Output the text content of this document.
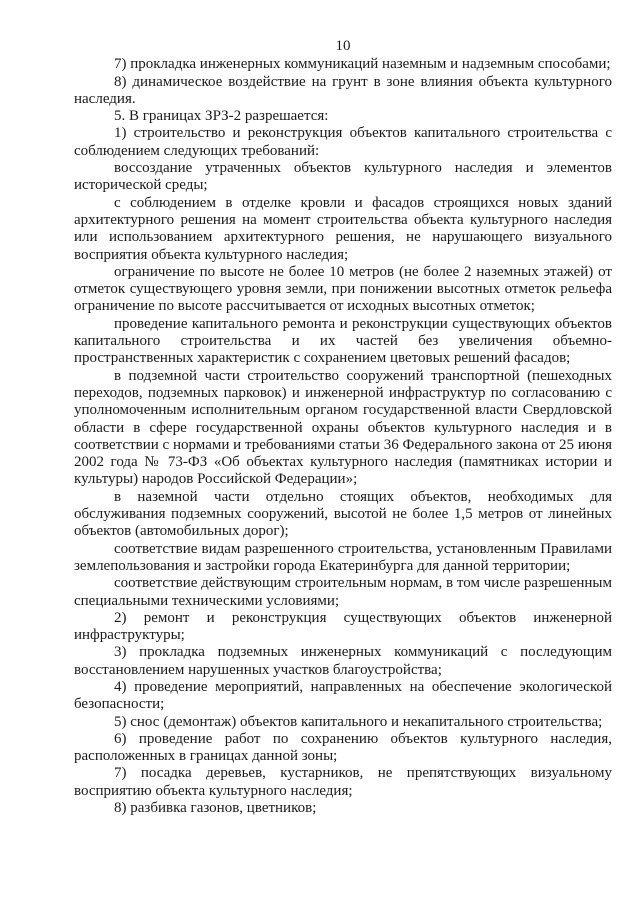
10

7) прокладка инженерных коммуникаций наземным и надземным способами;

8) динамическое воздействие на грунт в зоне влияния объекта культурного наследия.

5. В границах ЗРЗ-2 разрешается:

1) строительство и реконструкция объектов капитального строительства с соблюдением следующих требований:

воссоздание утраченных объектов культурного наследия и элементов исторической среды;

с соблюдением в отделке кровли и фасадов строящихся новых зданий архитектурного решения на момент строительства объекта культурного наследия или использованием архитектурного решения, не нарушающего визуального восприятия объекта культурного наследия;

ограничение по высоте не более 10 метров (не более 2 наземных этажей) от отметок существующего уровня земли, при понижении высотных отметок рельефа ограничение по высоте рассчитывается от исходных высотных отметок;

проведение капитального ремонта и реконструкции существующих объектов капитального строительства и их частей без увеличения объемно-пространственных характеристик с сохранением цветовых решений фасадов;

в подземной части строительство сооружений транспортной (пешеходных переходов, подземных парковок) и инженерной инфраструктур по согласованию с уполномоченным исполнительным органом государственной власти Свердловской области в сфере государственной охраны объектов культурного наследия и в соответствии с нормами и требованиями статьи 36 Федерального закона от 25 июня 2002 года № 73-ФЗ «Об объектах культурного наследия (памятниках истории и культуры) народов Российской Федерации»;

в наземной части отдельно стоящих объектов, необходимых для обслуживания подземных сооружений, высотой не более 1,5 метров от линейных объектов (автомобильных дорог);

соответствие видам разрешенного строительства, установленным Правилами землепользования и застройки города Екатеринбурга для данной территории;

соответствие действующим строительным нормам, в том числе разрешенным специальными техническими условиями;

2) ремонт и реконструкция существующих объектов инженерной инфраструктуры;

3) прокладка подземных инженерных коммуникаций с последующим восстановлением нарушенных участков благоустройства;

4) проведение мероприятий, направленных на обеспечение экологической безопасности;

5) снос (демонтаж) объектов капитального и некапитального строительства;

6) проведение работ по сохранению объектов культурного наследия, расположенных в границах данной зоны;

7) посадка деревьев, кустарников, не препятствующих визуальному восприятию объекта культурного наследия;

8) разбивка газонов, цветников;
